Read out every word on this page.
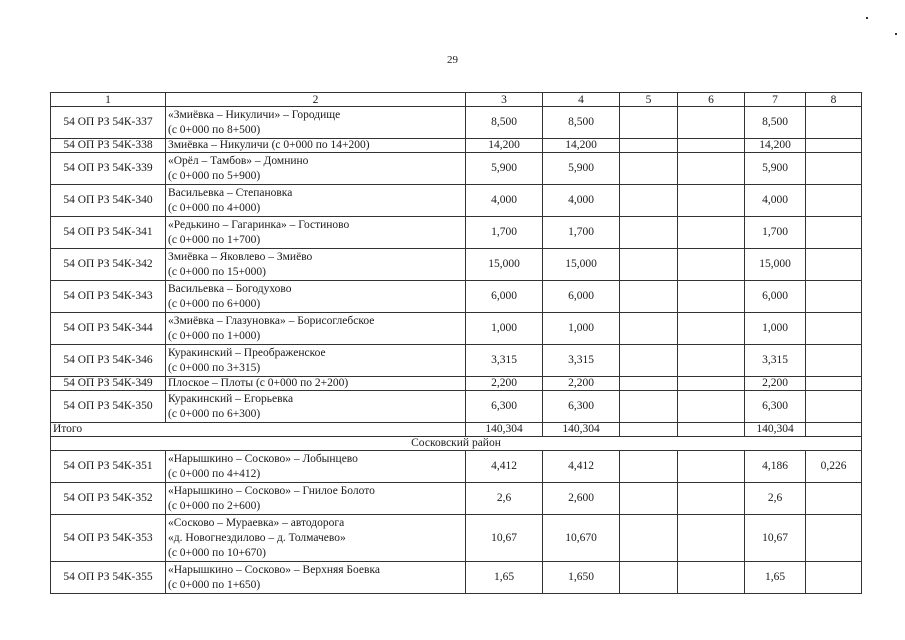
29
1	2	3	4	5	6	7	8
54 ОП РЗ 54К-337	«Змиёвка – Никуличи» – Городище
(с 0+000 по 8+500)	8,500	8,500			8,500	
54 ОП РЗ 54К-338	Змиёвка – Никуличи (с 0+000 по 14+200)	14,200	14,200			14,200	
54 ОП РЗ 54К-339	«Орёл – Тамбов» – Домнино
(с 0+000 по 5+900)	5,900	5,900			5,900	
54 ОП РЗ 54К-340	Васильевка – Степановка
(с 0+000 по 4+000)	4,000	4,000			4,000	
54 ОП РЗ 54К-341	«Редькино – Гагаринка» – Гостиново
(с 0+000 по 1+700)	1,700	1,700			1,700	
54 ОП РЗ 54К-342	Змиёвка – Яковлево – Змиёво
(с 0+000 по 15+000)	15,000	15,000			15,000	
54 ОП РЗ 54К-343	Васильевка – Богодухово
(с 0+000 по 6+000)	6,000	6,000			6,000	
54 ОП РЗ 54К-344	«Змиёвка – Глазуновка» – Борисоглебское
(с 0+000 по 1+000)	1,000	1,000			1,000	
54 ОП РЗ 54К-346	Куракинский – Преображенское
(с 0+000 по 3+315)	3,315	3,315			3,315	
54 ОП РЗ 54К-349	Плоское – Плоты (с 0+000 по 2+200)	2,200	2,200			2,200	
54 ОП РЗ 54К-350	Куракинский – Егорьевка
(с 0+000 по 6+300)	6,300	6,300			6,300	
Итого		140,304	140,304			140,304	
Сосковский район							
54 ОП РЗ 54К-351	«Нарышкино – Сосково» – Лобынцево
(с 0+000 по 4+412)	4,412	4,412			4,186	0,226
54 ОП РЗ 54К-352	«Нарышкино – Сосково» – Гнилое Болото
(с 0+000 по 2+600)	2,6	2,600			2,6	
54 ОП РЗ 54К-353	«Сосково – Мураевка» – автодорога
«д. Новогнездилово – д. Толмачево»
(с 0+000 по 10+670)	10,67	10,670			10,67	
54 ОП РЗ 54К-355	«Нарышкино – Сосково» – Верхняя Боевка
(с 0+000 по 1+650)	1,65	1,650			1,65	
